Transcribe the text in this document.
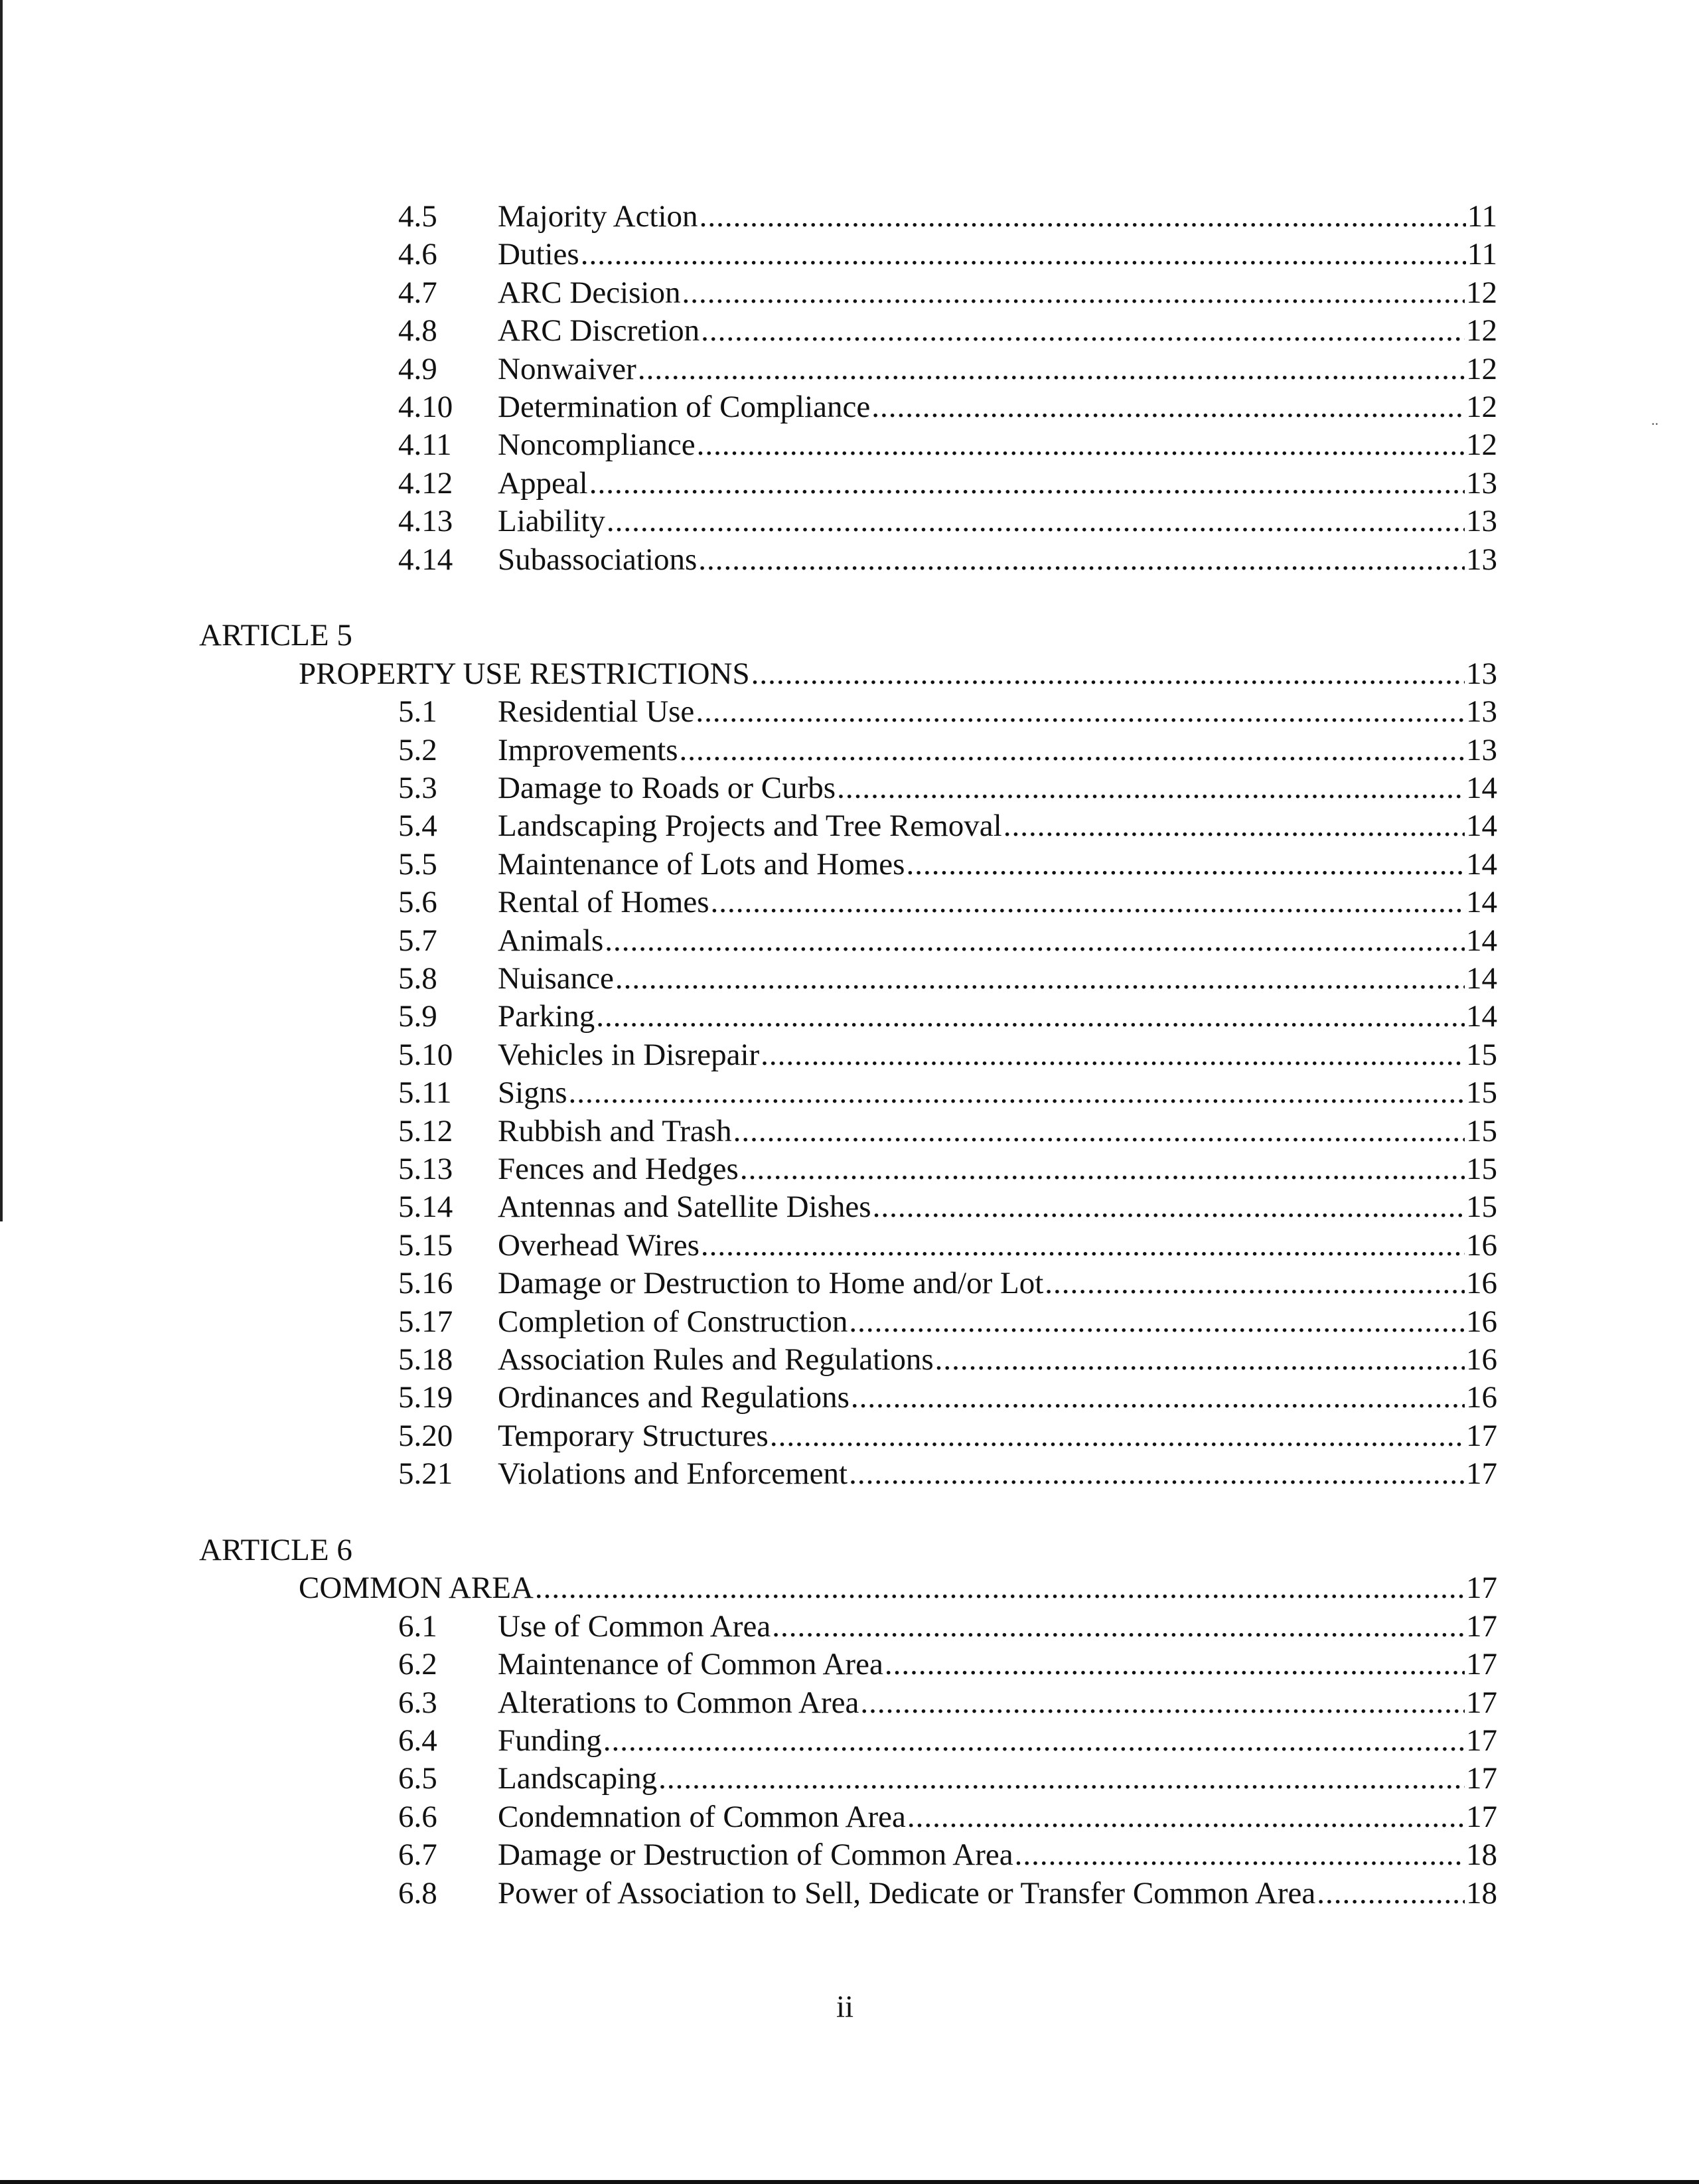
..
4.5 Majority Action .....	11
4.6 Duties .....	11
4.7 ARC Decision .....	12
4.8 ARC Discretion .....	12
4.9 Nonwaiver .....	12
4.10 Determination of Compliance .....	12
4.11 Noncompliance .....	12
4.12 Appeal .....	13
4.13 Liability .....	13
4.14 Subassociations .....	13
ARTICLE 5
PROPERTY USE RESTRICTIONS .....	13
5.1 Residential Use .....	13
5.2 Improvements .....	13
5.3 Damage to Roads or Curbs .....	14
5.4 Landscaping Projects and Tree Removal .....	14
5.5 Maintenance of Lots and Homes .....	14
5.6 Rental of Homes .....	14
5.7 Animals .....	14
5.8 Nuisance .....	14
5.9 Parking .....	14
5.10 Vehicles in Disrepair .....	15
5.11 Signs .....	15
5.12 Rubbish and Trash .....	15
5.13 Fences and Hedges .....	15
5.14 Antennas and Satellite Dishes .....	15
5.15 Overhead Wires .....	16
5.16 Damage or Destruction to Home and/or Lot .....	16
5.17 Completion of Construction .....	16
5.18 Association Rules and Regulations .....	16
5.19 Ordinances and Regulations .....	16
5.20 Temporary Structures .....	17
5.21 Violations and Enforcement .....	17
ARTICLE 6
COMMON AREA .....	17
6.1 Use of Common Area .....	17
6.2 Maintenance of Common Area .....	17
6.3 Alterations to Common Area .....	17
6.4 Funding .....	17
6.5 Landscaping .....	17
6.6 Condemnation of Common Area .....	17
6.7 Damage or Destruction of Common Area .....	18
6.8 Power of Association to Sell, Dedicate or Transfer Common Area .....	18
ii
